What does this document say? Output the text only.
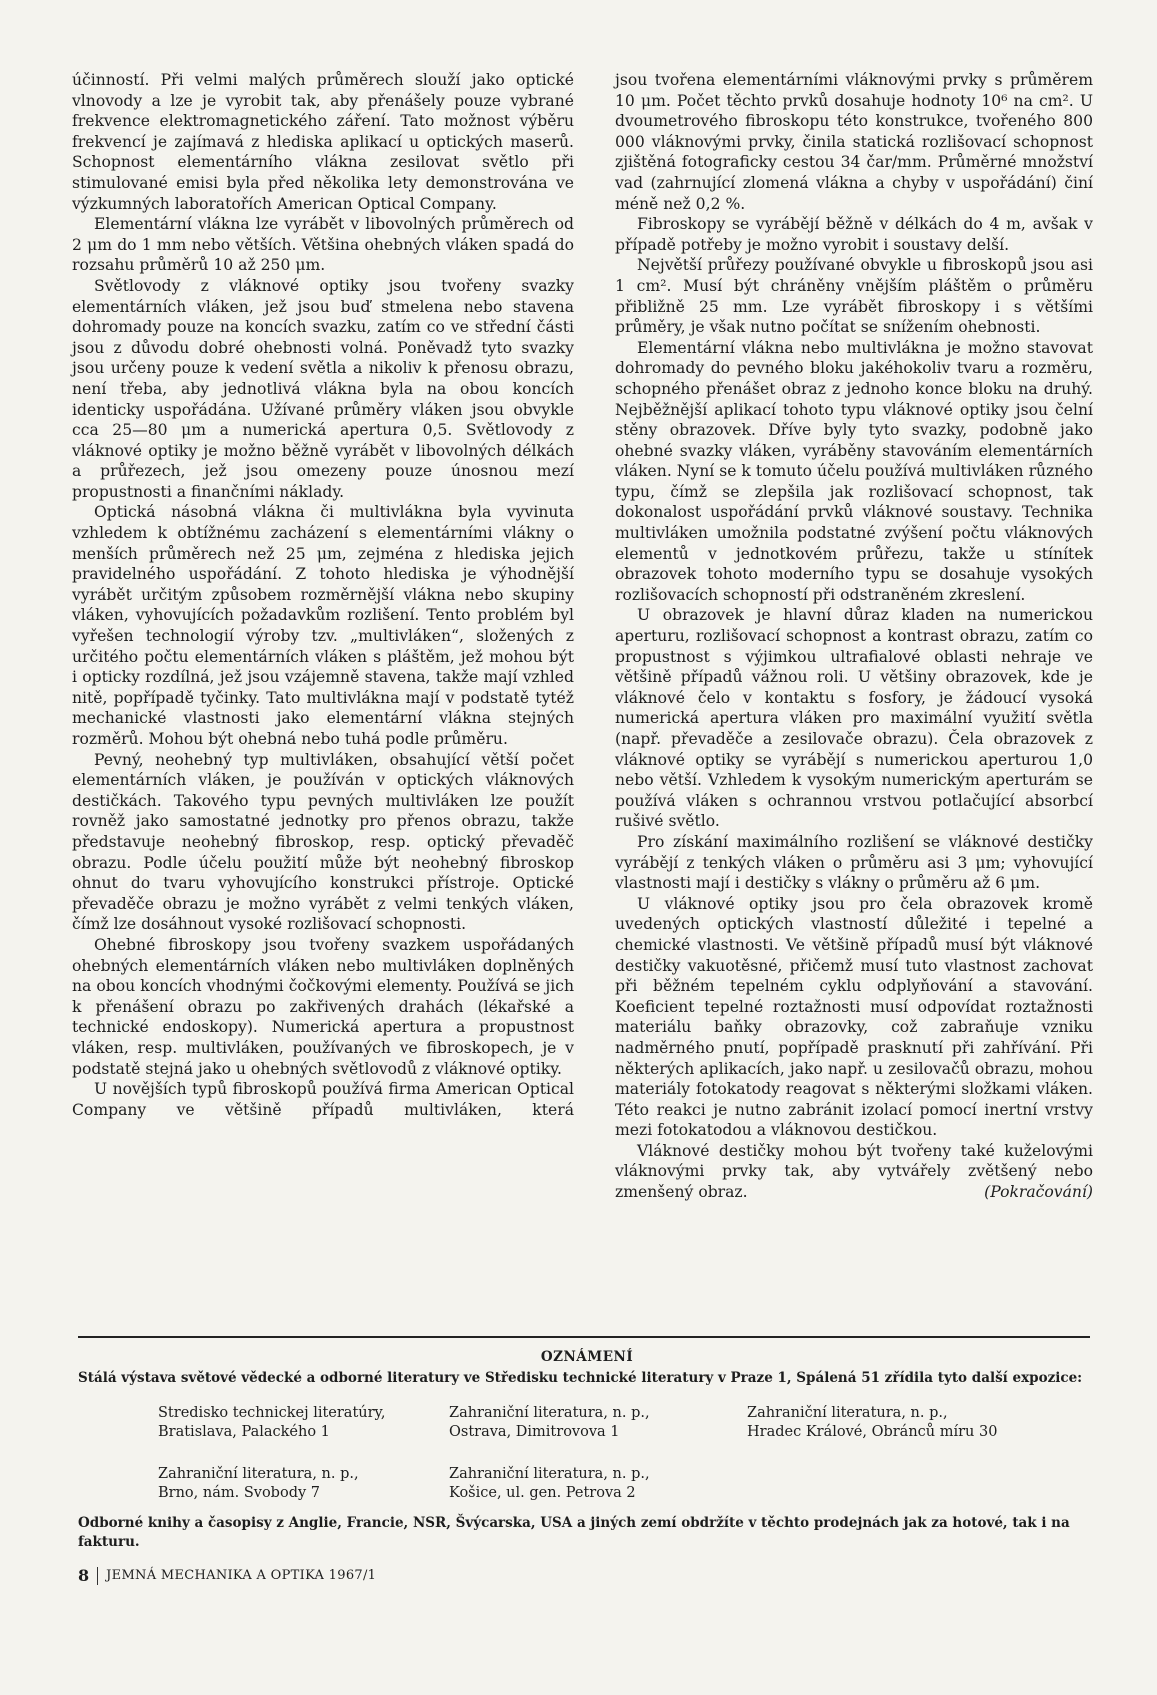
účinností. Při velmi malých průměrech slouží jako optické vlnovody a lze je vyrobit tak, aby přenášely pouze vybrané frekvence elektromagnetického záření. Tato možnost výběru frekvencí je zajímavá z hlediska aplikací u optických maserů. Schopnost elementárního vlákna zesilovat světlo při stimulované emisi byla před několika lety demonstrována ve výzkumných laboratořích American Optical Company.

Elementární vlákna lze vyrábět v libovolných průměrech od 2 μm do 1 mm nebo větších. Většina ohebných vláken spadá do rozsahu průměrů 10 až 250 μm.

Světlovody z vláknové optiky jsou tvořeny svazky elementárních vláken, jež jsou buď stmelena nebo stavena dohromady pouze na koncích svazku, zatím co ve střední části jsou z důvodu dobré ohebnosti volná. Poněvadž tyto svazky jsou určeny pouze k vedení světla a nikoliv k přenosu obrazu, není třeba, aby jednotlivá vlákna byla na obou koncích identicky uspořádána. Užívané průměry vláken jsou obvykle cca 25—80 μm a numerická apertura 0,5. Světlovody z vláknové optiky je možno běžně vyrábět v libovolných délkách a průřezech, jež jsou omezeny pouze únosnou mezí propustnosti a finančními náklady.

Optická násobná vlákna či multivlákna byla vyvinuta vzhledem k obtížnému zacházení s elementárními vlákny o menších průměrech než 25 μm, zejména z hlediska jejich pravidelného uspořádání. Z tohoto hlediska je výhodnější vyrábět určitým způsobem rozměrnější vlákna nebo skupiny vláken, vyhovujících požadavkům rozlišení. Tento problém byl vyřešen technologií výroby tzv. „multivláken“, složených z určitého počtu elementárních vláken s pláštěm, jež mohou být i opticky rozdílná, jež jsou vzájemně stavena, takže mají vzhled nitě, popřípadě tyčinky. Tato multivlákna mají v podstatě tytéž mechanické vlastnosti jako elementární vlákna stejných rozměrů. Mohou být ohebná nebo tuhá podle průměru.

Pevný, neohebný typ multivláken, obsahující větší počet elementárních vláken, je používán v optických vláknových destičkách. Takového typu pevných multivláken lze použít rovněž jako samostatné jednotky pro přenos obrazu, takže představuje neohebný fibroskop, resp. optický převaděč obrazu. Podle účelu použití může být neohebný fibroskop ohnut do tvaru vyhovujícího konstrukci přístroje. Optické převaděče obrazu je možno vyrábět z velmi tenkých vláken, čímž lze dosáhnout vysoké rozlišovací schopnosti.

Ohebné fibroskopy jsou tvořeny svazkem uspořádaných ohebných elementárních vláken nebo multivláken doplněných na obou koncích vhodnými čočkovými elementy. Používá se jich k přenášení obrazu po zakřivených drahách (lékařské a technické endoskopy). Numerická apertura a propustnost vláken, resp. multivláken, používaných ve fibroskopech, je v podstatě stejná jako u ohebných světlovodů z vláknové optiky.

U novějších typů fibroskopů používá firma American Optical Company ve většině případů multivláken, která

jsou tvořena elementárními vláknovými prvky s průměrem 10 μm. Počet těchto prvků dosahuje hodnoty 10⁶ na cm². U dvoumetrového fibroskopu této konstrukce, tvořeného 800 000 vláknovými prvky, činila statická rozlišovací schopnost zjištěná fotograficky cestou 34 čar/mm. Průměrné množství vad (zahrnující zlomená vlákna a chyby v uspořádání) činí méně než 0,2 %.

Fibroskopy se vyrábějí běžně v délkách do 4 m, avšak v případě potřeby je možno vyrobit i soustavy delší.

Největší průřezy používané obvykle u fibroskopů jsou asi 1 cm². Musí být chráněny vnějším pláštěm o průměru přibližně 25 mm. Lze vyrábět fibroskopy i s většími průměry, je však nutno počítat se snížením ohebnosti.

Elementární vlákna nebo multivlákna je možno stavovat dohromady do pevného bloku jakéhokoliv tvaru a rozměru, schopného přenášet obraz z jednoho konce bloku na druhý. Nejběžnější aplikací tohoto typu vláknové optiky jsou čelní stěny obrazovek. Dříve byly tyto svazky, podobně jako ohebné svazky vláken, vyráběny stavováním elementárních vláken. Nyní se k tomuto účelu používá multivláken různého typu, čímž se zlepšila jak rozlišovací schopnost, tak dokonalost uspořádání prvků vláknové soustavy. Technika multivláken umožnila podstatné zvýšení počtu vláknových elementů v jednotkovém průřezu, takže u stínítek obrazovek tohoto moderního typu se dosahuje vysokých rozlišovacích schopností při odstraněném zkreslení.

U obrazovek je hlavní důraz kladen na numerickou aperturu, rozlišovací schopnost a kontrast obrazu, zatím co propustnost s výjimkou ultrafialové oblasti nehraje ve většině případů vážnou roli. U většiny obrazovek, kde je vláknové čelo v kontaktu s fosfory, je žádoucí vysoká numerická apertura vláken pro maximální využití světla (např. převaděče a zesilovače obrazu). Čela obrazovek z vláknové optiky se vyrábějí s numerickou aperturou 1,0 nebo větší. Vzhledem k vysokým numerickým aperturám se používá vláken s ochrannou vrstvou potlačující absorbcí rušivé světlo.

Pro získání maximálního rozlišení se vláknové destičky vyrábějí z tenkých vláken o průměru asi 3 μm; vyhovující vlastnosti mají i destičky s vlákny o průměru až 6 μm.

U vláknové optiky jsou pro čela obrazovek kromě uvedených optických vlastností důležité i tepelné a chemické vlastnosti. Ve většině případů musí být vláknové destičky vakuotěsné, přičemž musí tuto vlastnost zachovat při běžném tepelném cyklu odplyňování a stavování. Koeficient tepelné roztažnosti musí odpovídat roztažnosti materiálu baňky obrazovky, což zabraňuje vzniku nadměrného pnutí, popřípadě prasknutí při zahřívání. Při některých aplikacích, jako např. u zesilovačů obrazu, mohou materiály fotokatody reagovat s některými složkami vláken. Této reakci je nutno zabránit izolací pomocí inertní vrstvy mezi fotokatodou a vláknovou destičkou.

Vláknové destičky mohou být tvořeny také kuželovými vláknovými prvky tak, aby vytvářely zvětšený nebo zmenšený obraz.	(Pokračování)

OZNÁMENÍ
Stálá výstava světové vědecké a odborné literatury ve Středisku technické literatury v Praze 1, Spálená 51 zřídila tyto další expozice:
Stredisko technickej literatúry,
Bratislava, Palackého 1
Zahraniční literatura, n. p.,
Ostrava, Dimitrovova 1
Zahraniční literatura, n. p.,
Hradec Králové, Obránců míru 30
Zahraniční literatura, n. p.,
Brno, nám. Svobody 7
Zahraniční literatura, n. p.,
Košice, ul. gen. Petrova 2
Odborné knihy a časopisy z Anglie, Francie, NSR, Švýcarska, USA a jiných zemí obdržíte v těchto prodejnách jak za hotové, tak i na fakturu.
8 JEMNÁ MECHANIKA A OPTIKA 1967/1
